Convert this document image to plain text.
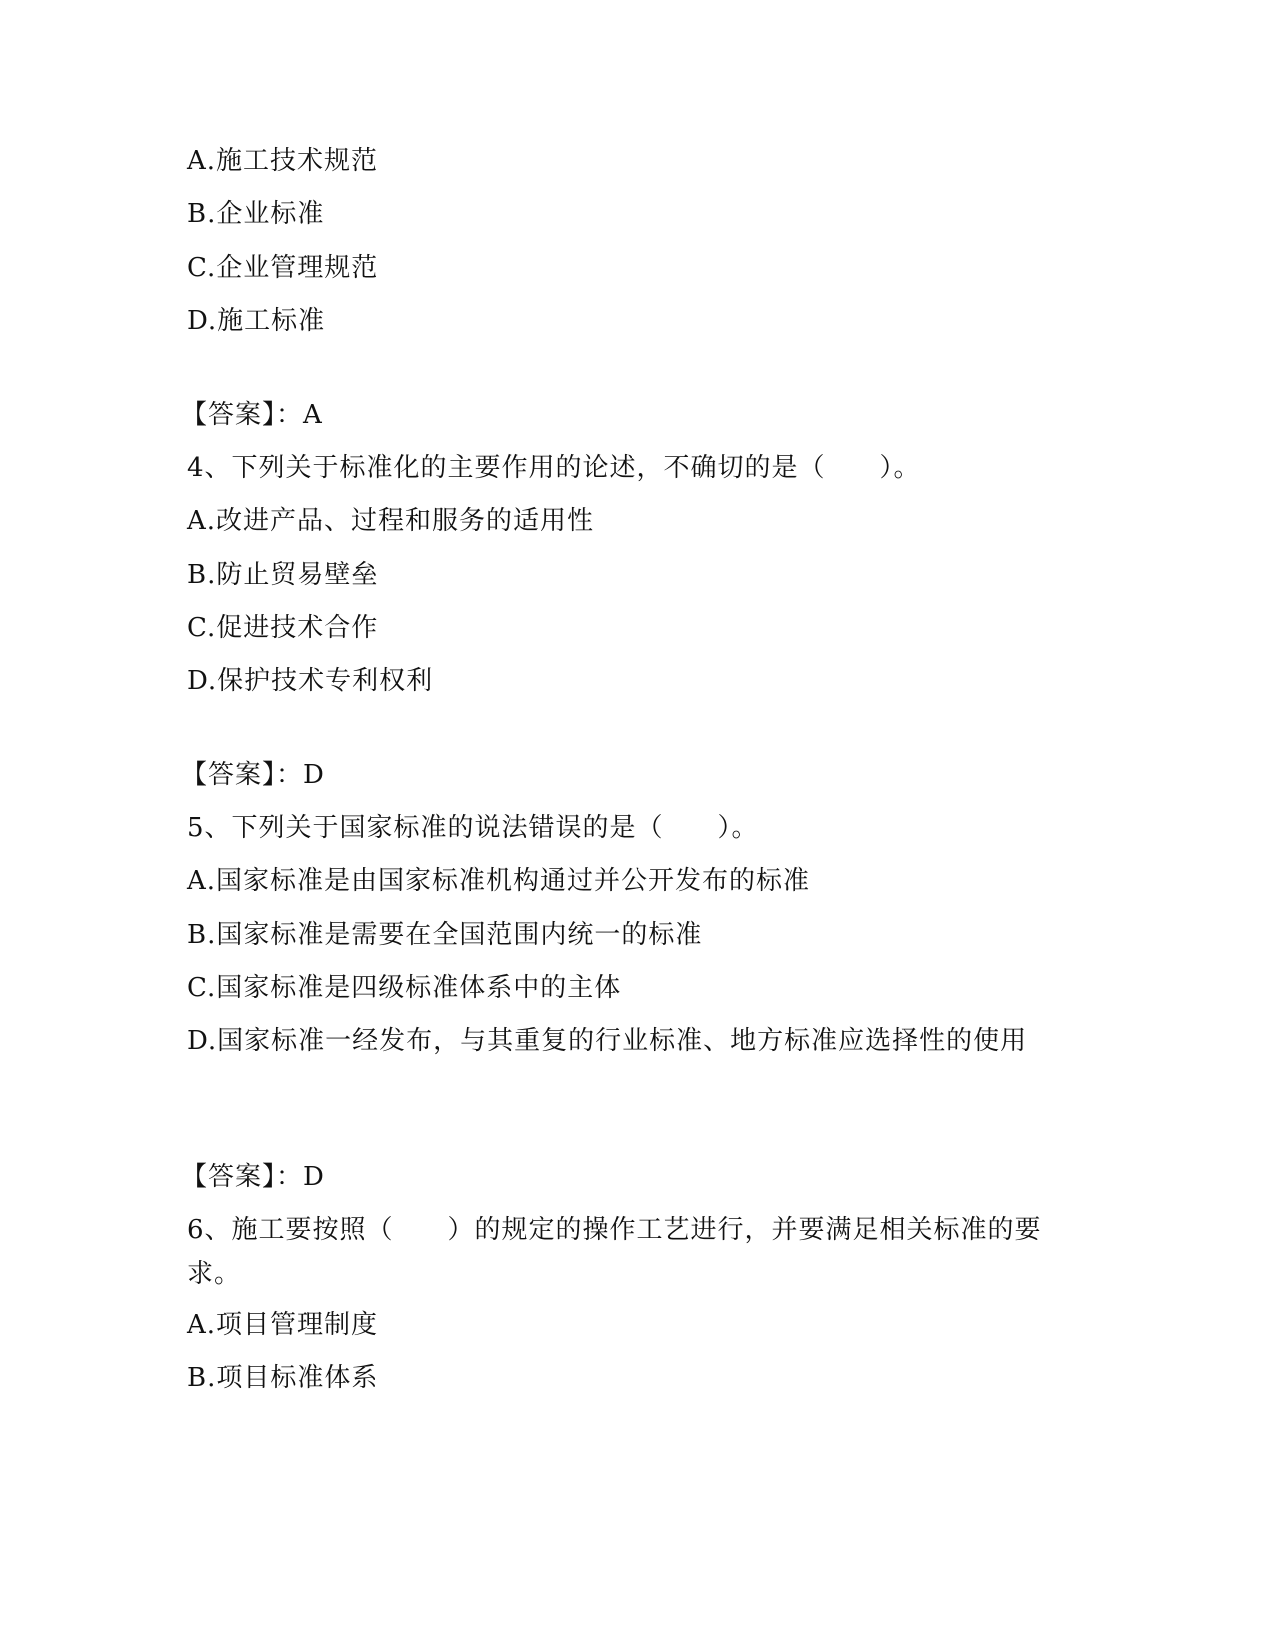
A.施工技术规范
B.企业标准
C.企业管理规范
D.施工标准
【答案】：A
4、下列关于标准化的主要作用的论述，不确切的是（　　）。
A.改进产品、过程和服务的适用性
B.防止贸易壁垒
C.促进技术合作
D.保护技术专利权利
【答案】：D
5、下列关于国家标准的说法错误的是（　　）。
A.国家标准是由国家标准机构通过并公开发布的标准
B.国家标准是需要在全国范围内统一的标准
C.国家标准是四级标准体系中的主体
D.国家标准一经发布，与其重复的行业标准、地方标准应选择性的使用
【答案】：D
6、施工要按照（　　）的规定的操作工艺进行，并要满足相关标准的要求。
A.项目管理制度
B.项目标准体系
